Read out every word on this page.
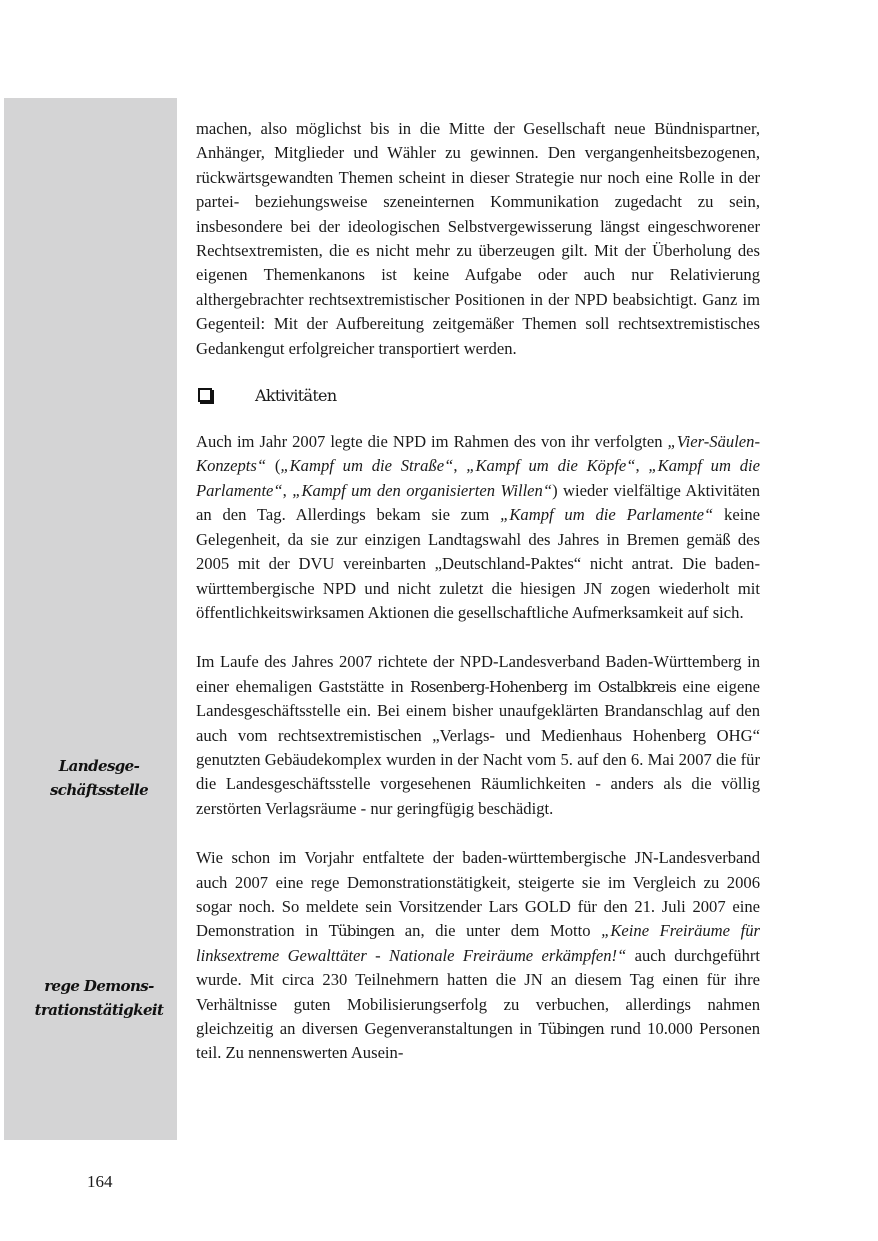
Landesge-
schäftsstelle
rege Demons-
trationstätigkeit

machen, also möglichst bis in die Mitte der Gesellschaft neue Bündnispartner, Anhänger, Mitglieder und Wähler zu gewinnen. Den vergangenheitsbezogenen, rückwärtsgewandten Themen scheint in dieser Strategie nur noch eine Rolle in der partei- beziehungsweise szeneinternen Kommunikation zugedacht zu sein, insbesondere bei der ideologischen Selbstvergewisserung längst eingeschworener Rechtsextremisten, die es nicht mehr zu überzeugen gilt. Mit der Überholung des eigenen Themenkanons ist keine Aufgabe oder auch nur Relativierung althergebrachter rechtsextremistischer Positionen in der NPD beabsichtigt. Ganz im Gegenteil: Mit der Aufbereitung zeitgemäßer Themen soll rechtsextremistisches Gedankengut erfolgreicher transportiert werden.

Aktivitäten

Auch im Jahr 2007 legte die NPD im Rahmen des von ihr verfolgten „Vier-Säulen-Konzepts“ („Kampf um die Straße“, „Kampf um die Köpfe“, „Kampf um die Parlamente“, „Kampf um den organisierten Willen“) wieder vielfältige Aktivitäten an den Tag. Allerdings bekam sie zum „Kampf um die Parlamente“ keine Gelegenheit, da sie zur einzigen Landtagswahl des Jahres in Bremen gemäß des 2005 mit der DVU vereinbarten „Deutschland-Paktes“ nicht antrat. Die baden-württembergische NPD und nicht zuletzt die hiesigen JN zogen wiederholt mit öffentlichkeitswirksamen Aktionen die gesellschaftliche Aufmerksamkeit auf sich.

Im Laufe des Jahres 2007 richtete der NPD-Landesverband Baden-Württemberg in einer ehemaligen Gaststätte in Rosenberg-Hohenberg im Ostalbkreis eine eigene Landesgeschäftsstelle ein. Bei einem bisher unaufgeklärten Brandanschlag auf den auch vom rechtsextremistischen „Verlags- und Medienhaus Hohenberg OHG“ genutzten Gebäudekomplex wurden in der Nacht vom 5. auf den 6. Mai 2007 die für die Landesgeschäftsstelle vorgesehenen Räumlichkeiten - anders als die völlig zerstörten Verlagsräume - nur geringfügig beschädigt.

Wie schon im Vorjahr entfaltete der baden-württembergische JN-Landesverband auch 2007 eine rege Demonstrationstätigkeit, steigerte sie im Vergleich zu 2006 sogar noch. So meldete sein Vorsitzender Lars GOLD für den 21. Juli 2007 eine Demonstration in Tübingen an, die unter dem Motto „Keine Freiräume für linksextreme Gewalttäter - Nationale Freiräume erkämpfen!“ auch durchgeführt wurde. Mit circa 230 Teilnehmern hatten die JN an diesem Tag einen für ihre Verhältnisse guten Mobilisierungserfolg zu verbuchen, allerdings nahmen gleichzeitig an diversen Gegenveranstaltungen in Tübingen rund 10.000 Personen teil. Zu nennenswerten Ausein-

164
